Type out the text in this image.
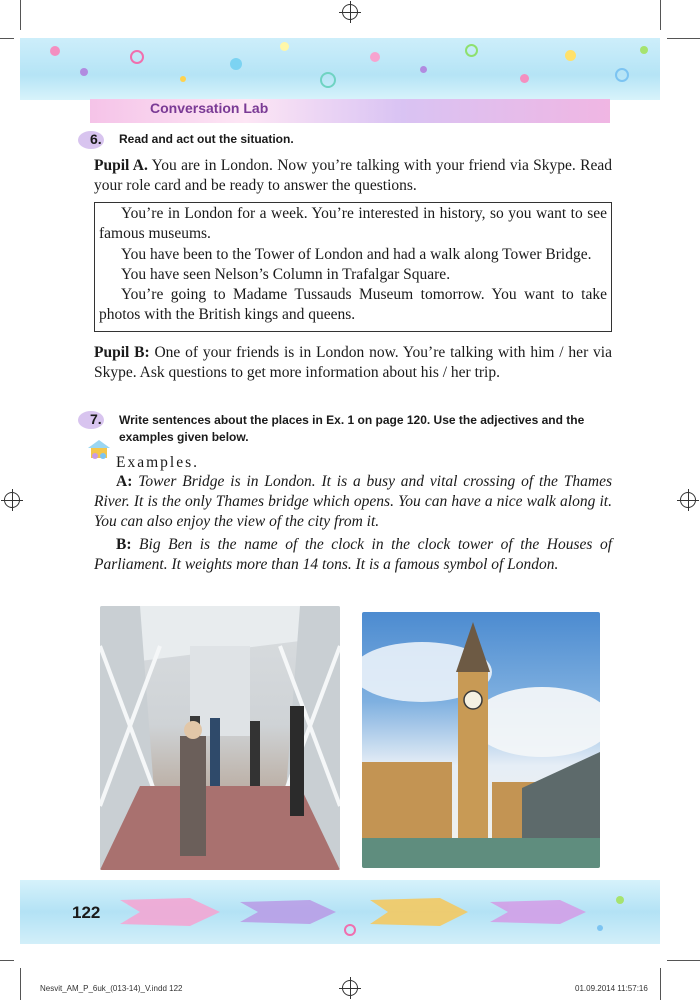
Conversation Lab
6. Read and act out the situation.
Pupil A. You are in London. Now you’re talking with your friend via Skype. Read your role card and be ready to answer the questions.

You’re in London for a week. You’re interested in history, so you want to see famous museums.

You have been to the Tower of London and had a walk along Tower Bridge.

You have seen Nelson’s Column in Trafalgar Square.

You’re going to Madame Tussauds Museum tomorrow. You want to take photos with the British kings and queens.

Pupil B: One of your friends is in London now. You’re talking with him / her via Skype. Ask questions to get more information about his / her trip.
7. Write sentences about the places in Ex. 1 on page 120. Use the adjectives and the examples given below.
Examples.
A: Tower Bridge is in London. It is a busy and vital crossing of the Thames River. It is the only Thames bridge which opens. You can have a nice walk along it. You can also enjoy the view of the city from it.
B: Big Ben is the name of the clock in the clock tower of the Houses of Parliament. It weights more than 14 tons. It is a famous symbol of London.
122
Nesvit_AM_P_6uk_(013-14)_V.indd 122	01.09.2014 11:57:16
